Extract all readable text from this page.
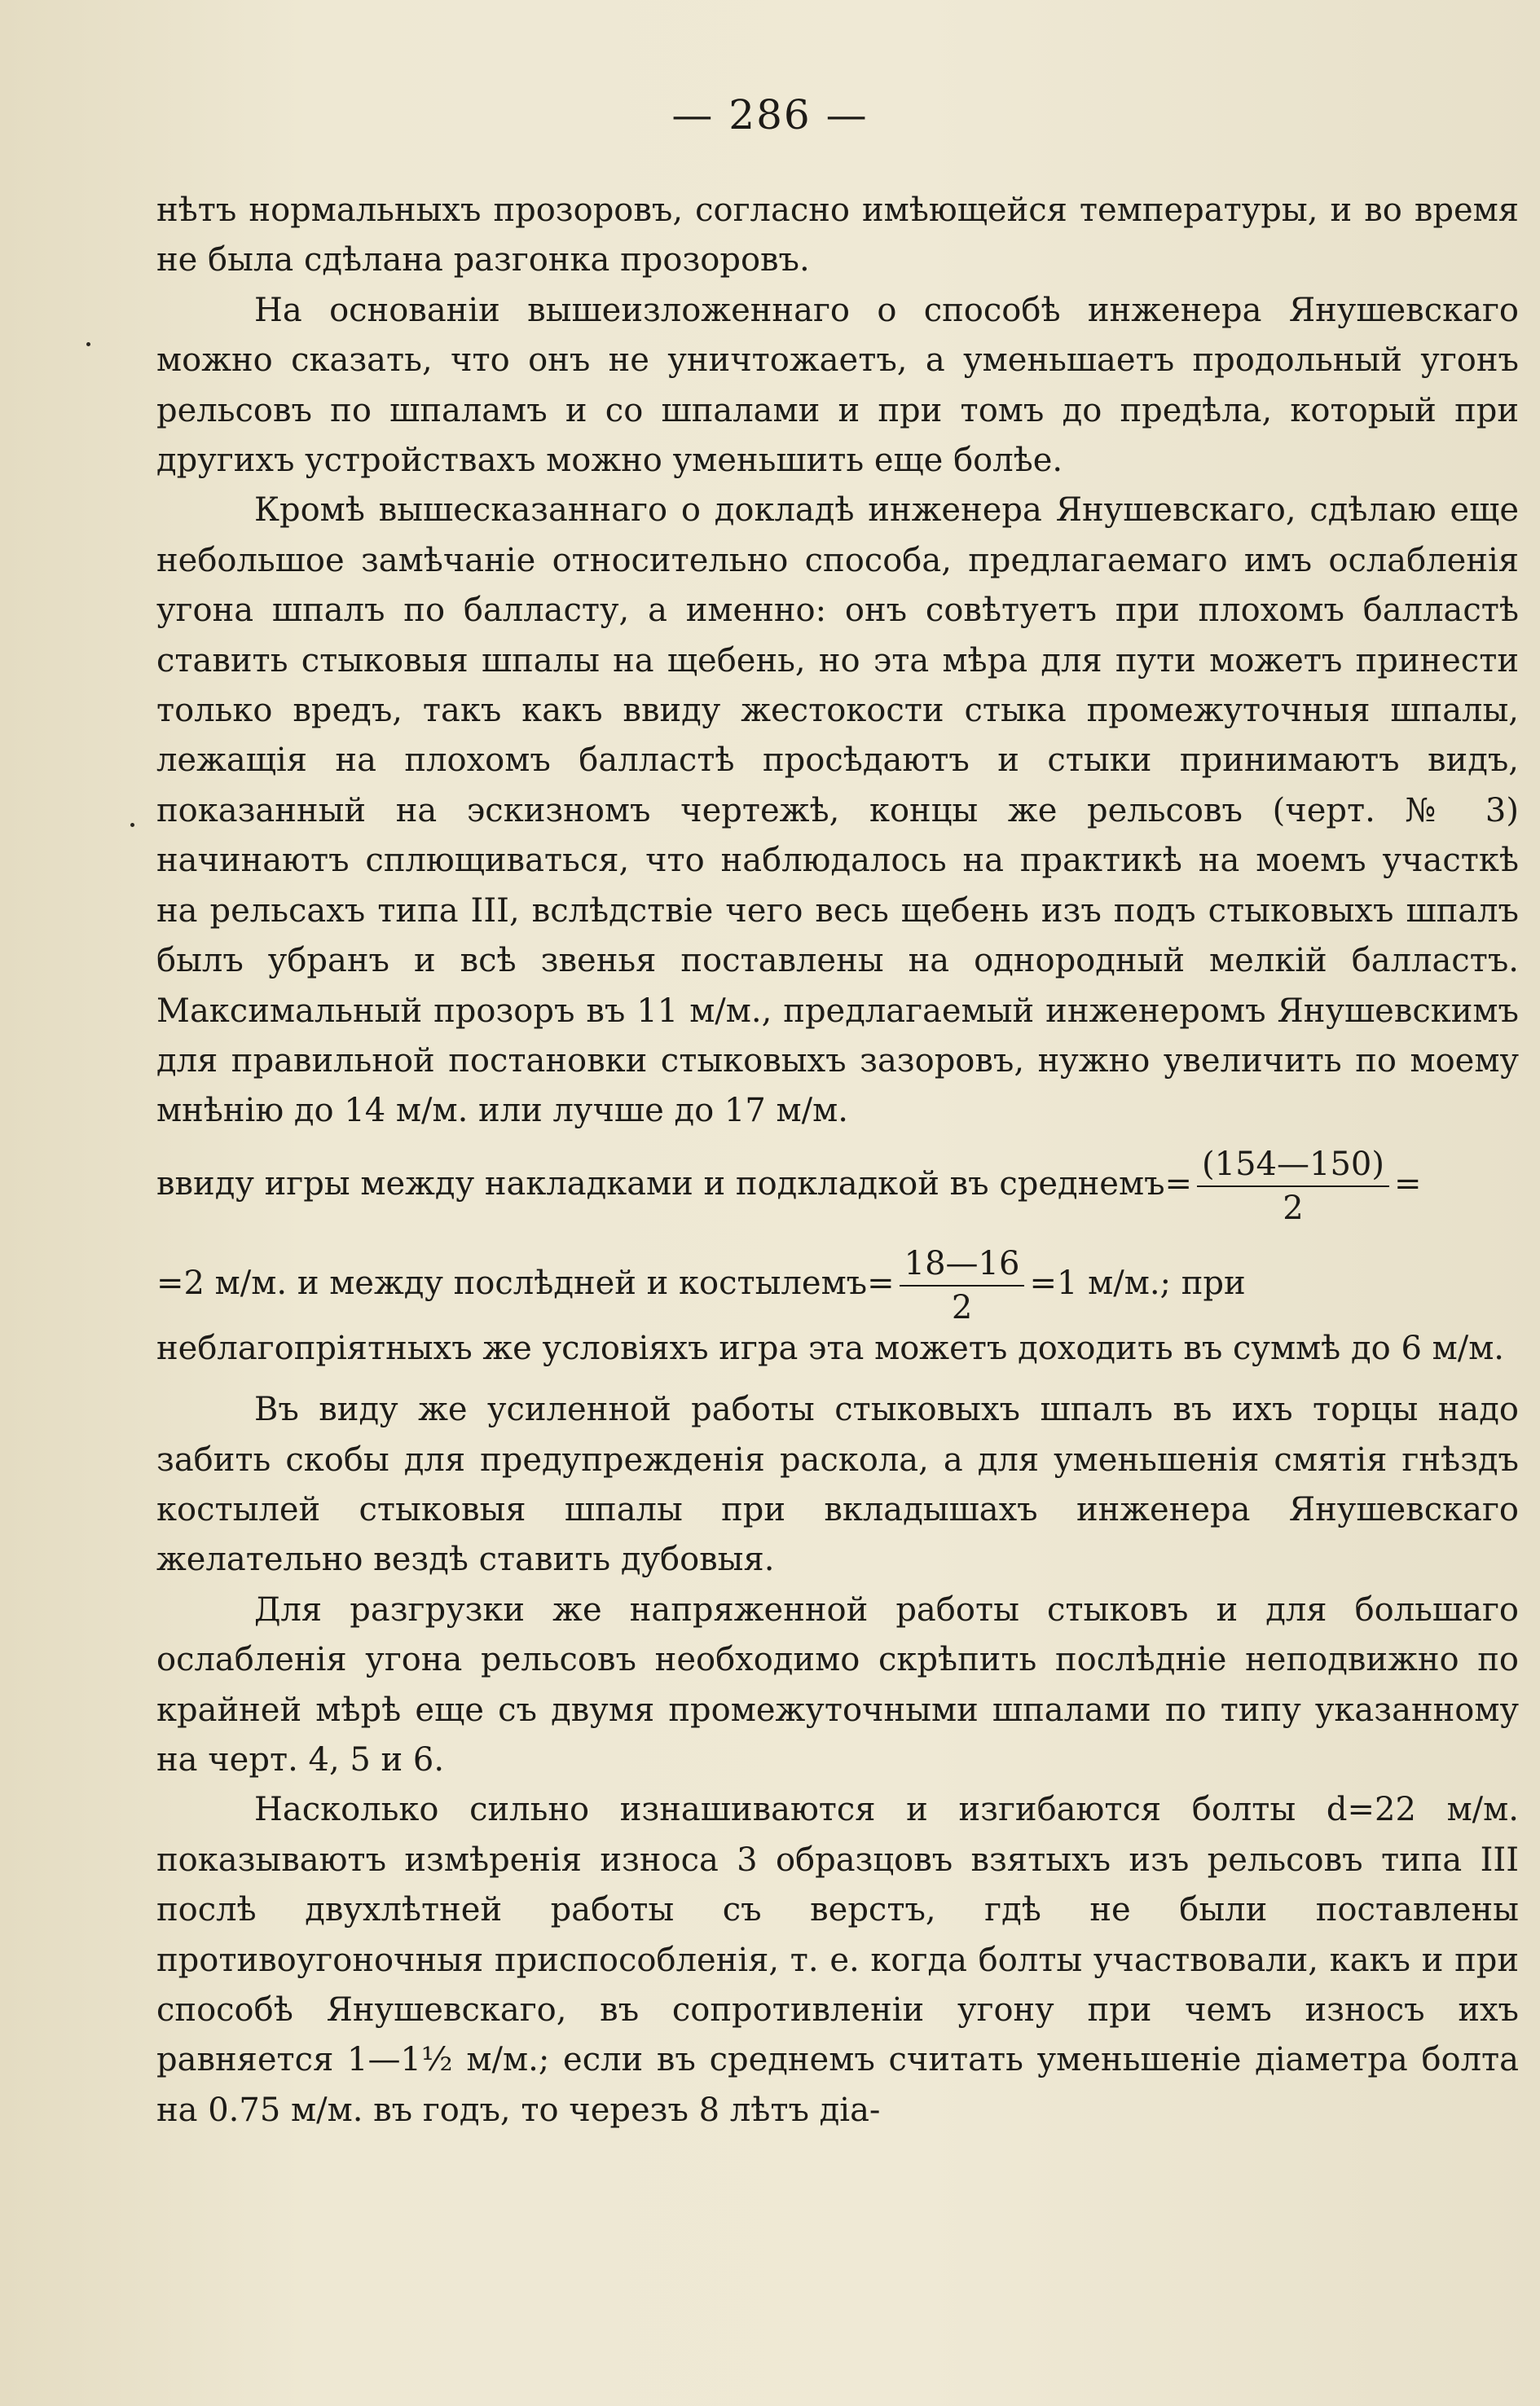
— 286 —

нѣтъ нормальныхъ прозоровъ, согласно имѣющейся температуры, и во время не была сдѣлана разгонка прозоровъ.

На основаніи вышеизложеннаго о способѣ инженера Янушевскаго можно сказать, что онъ не уничтожаетъ, а уменьшаетъ продольный угонъ рельсовъ по шпаламъ и со шпалами и при томъ до предѣла, который при другихъ устройствахъ можно уменьшить еще болѣе.

Кромѣ вышесказаннаго о докладѣ инженера Янушевскаго, сдѣлаю еще небольшое замѣчаніе относительно способа, предлагаемаго имъ ослабленія угона шпалъ по балласту, а именно: онъ совѣтуетъ при плохомъ балластѣ ставить стыковыя шпалы на щебень, но эта мѣра для пути можетъ принести только вредъ, такъ какъ ввиду жестокости стыка промежуточныя шпалы, лежащія на плохомъ балластѣ просѣдаютъ и стыки принимаютъ видъ, показанный на эскизномъ чертежѣ, концы же рельсовъ (черт. № 3) начинаютъ сплющиваться, что наблюдалось на практикѣ на моемъ участкѣ на рельсахъ типа III, вслѣдствіе чего весь щебень изъ подъ стыковыхъ шпалъ былъ убранъ и всѣ звенья поставлены на однородный мелкій балластъ. Максимальный прозоръ въ 11 м/м., предлагаемый инженеромъ Янушевскимъ для правильной постановки стыковыхъ зазоровъ, нужно увеличить по моему мнѣнію до 14 м/м. или лучше до 17 м/м.

ввиду игры между накладками и подкладкой въ среднемъ= $\frac{(154—150)}{2}$ =

=2 м/м. и между послѣдней и костылемъ= $\frac{18—16}{2} =1$ м/м.; при неблагопріятныхъ же условіяхъ игра эта можетъ доходить въ суммѣ до 6 м/м.

Въ виду же усиленной работы стыковыхъ шпалъ въ ихъ торцы надо забить скобы для предупрежденія раскола, а для уменьшенія смятія гнѣздъ костылей стыковыя шпалы при вкладышахъ инженера Янушевскаго желательно вездѣ ставить дубовыя.

Для разгрузки же напряженной работы стыковъ и для большаго ослабленія угона рельсовъ необходимо скрѣпить послѣдніе неподвижно по крайней мѣрѣ еще съ двумя промежуточными шпалами по типу указанному на черт. 4, 5 и 6.

Насколько сильно изнашиваются и изгибаются болты d=22 м/м. показываютъ измѣренія износа 3 образцовъ взятыхъ изъ рельсовъ типа III послѣ двухлѣтней работы съ верстъ, гдѣ не были поставлены противоугоночныя приспособленія, т. е. когда болты участвовали, какъ и при способѣ Янушевскаго, въ сопротивленіи угону при чемъ износъ ихъ равняется 1—1½ м/м.; если въ среднемъ считать уменьшеніе діаметра болта на 0.75 м/м. въ годъ, то черезъ 8 лѣтъ діа-
